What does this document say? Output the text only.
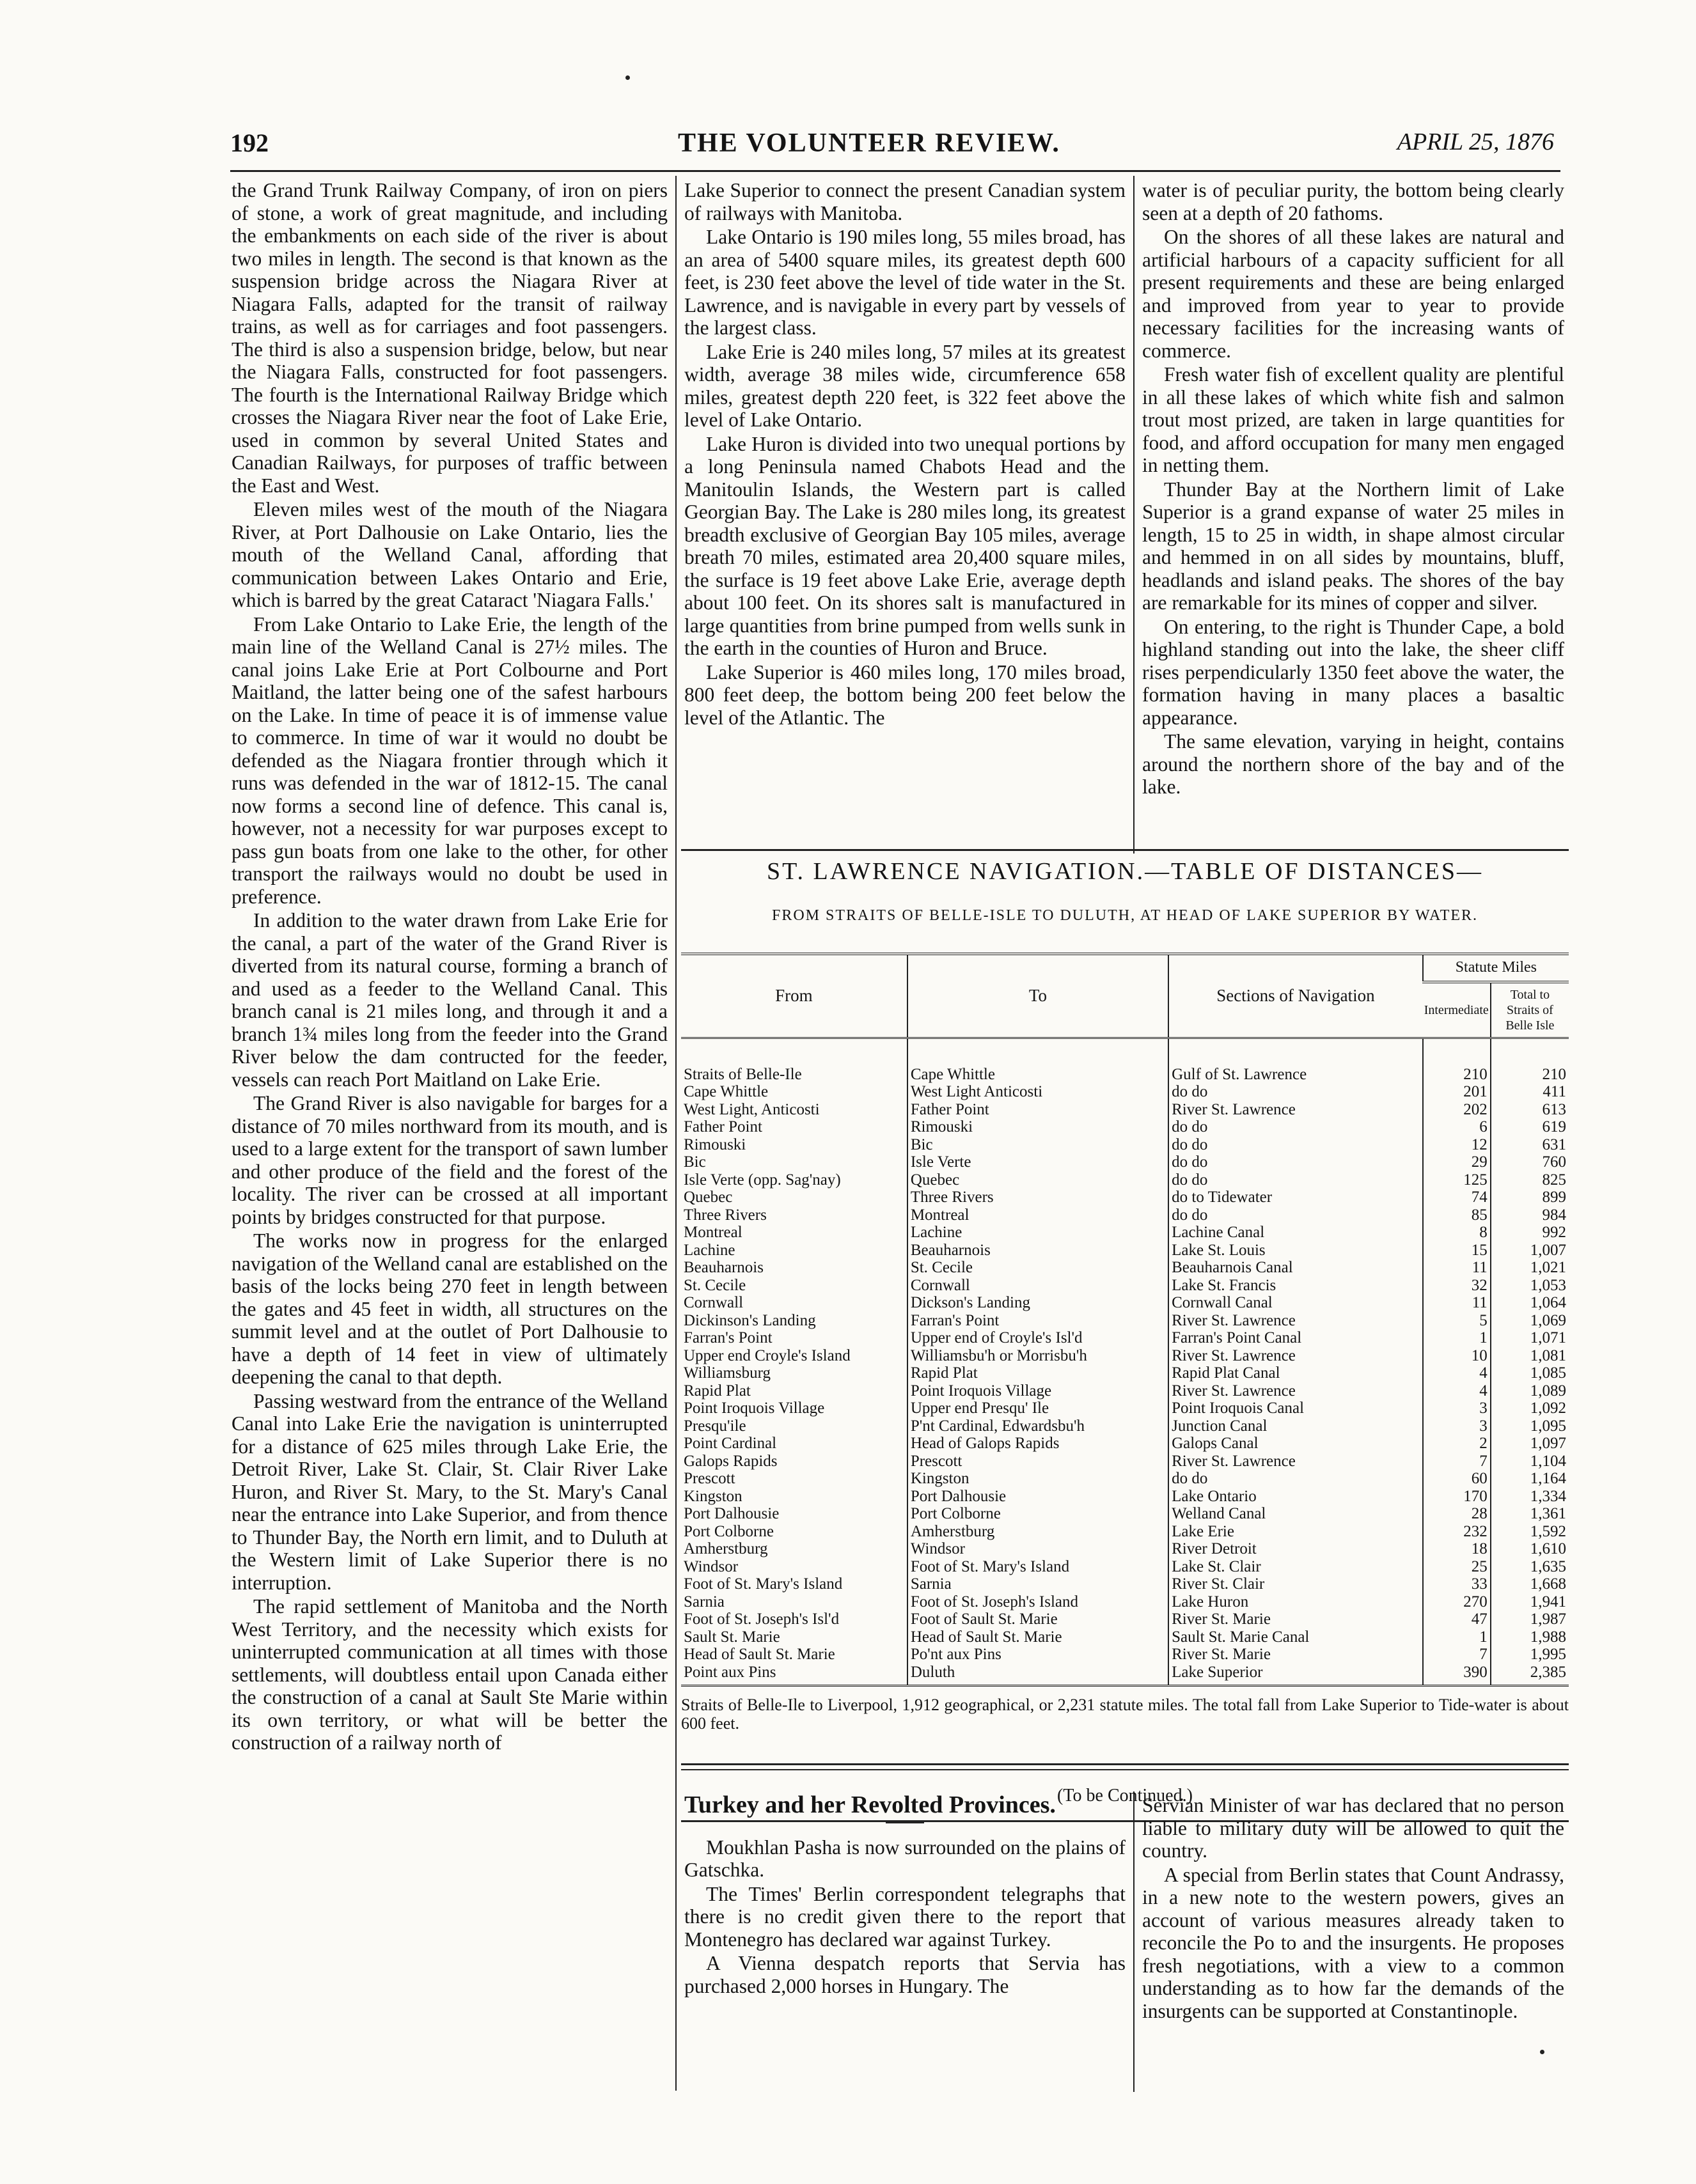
192	THE VOLUNTEER REVIEW.	APRIL 25, 1876

the Grand Trunk Railway Company, of iron on piers of stone, a work of great magnitude, and including the embankments on each side of the river is about two miles in length. The second is that known as the suspension bridge across the Niagara River at Niagara Falls, adapted for the transit of railway trains, as well as for carriages and foot passengers. The third is also a suspension bridge, below, but near the Niagara Falls, constructed for foot passengers. The fourth is the International Railway Bridge which crosses the Niagara River near the foot of Lake Erie, used in common by several United States and Canadian Railways, for purposes of traffic between the East and West.

Eleven miles west of the mouth of the Niagara River, at Port Dalhousie on Lake Ontario, lies the mouth of the Welland Canal, affording that communication between Lakes Ontario and Erie, which is barred by the great Cataract 'Niagara Falls.'

From Lake Ontario to Lake Erie, the length of the main line of the Welland Canal is 27½ miles. The canal joins Lake Erie at Port Colbourne and Port Maitland, the latter being one of the safest harbours on the Lake. In time of peace it is of immense value to commerce. In time of war it would no doubt be defended as the Niagara frontier through which it runs was defended in the war of 1812-15. The canal now forms a second line of defence. This canal is, however, not a necessity for war purposes except to pass gun boats from one lake to the other, for other transport the railways would no doubt be used in preference.

In addition to the water drawn from Lake Erie for the canal, a part of the water of the Grand River is diverted from its natural course, forming a branch of and used as a feeder to the Welland Canal. This branch canal is 21 miles long, and through it and a branch 1¾ miles long from the feeder into the Grand River below the dam contructed for the feeder, vessels can reach Port Maitland on Lake Erie.

The Grand River is also navigable for barges for a distance of 70 miles northward from its mouth, and is used to a large extent for the transport of sawn lumber and other produce of the field and the forest of the locality. The river can be crossed at all important points by bridges constructed for that purpose.

The works now in progress for the enlarged navigation of the Welland canal are established on the basis of the locks being 270 feet in length between the gates and 45 feet in width, all structures on the summit level and at the outlet of Port Dalhousie to have a depth of 14 feet in view of ultimately deepening the canal to that depth.

Passing westward from the entrance of the Welland Canal into Lake Erie the navigation is uninterrupted for a distance of 625 miles through Lake Erie, the Detroit River, Lake St. Clair, St. Clair River Lake Huron, and River St. Mary, to the St. Mary's Canal near the entrance into Lake Superior, and from thence to Thunder Bay, the North ern limit, and to Duluth at the Western limit of Lake Superior there is no interruption.

The rapid settlement of Manitoba and the North West Territory, and the necessity which exists for uninterrupted communication at all times with those settlements, will doubtless entail upon Canada either the construction of a canal at Sault Ste Marie within its own territory, or what will be better the construction of a railway north of

Lake Superior to connect the present Canadian system of railways with Manitoba.

Lake Ontario is 190 miles long, 55 miles broad, has an area of 5400 square miles, its greatest depth 600 feet, is 230 feet above the level of tide water in the St. Lawrence, and is navigable in every part by vessels of the largest class.

Lake Erie is 240 miles long, 57 miles at its greatest width, average 38 miles wide, circumference 658 miles, greatest depth 220 feet, is 322 feet above the level of Lake Ontario.

Lake Huron is divided into two unequal portions by a long Peninsula named Chabots Head and the Manitoulin Islands, the Western part is called Georgian Bay. The Lake is 280 miles long, its greatest breadth exclusive of Georgian Bay 105 miles, average breath 70 miles, estimated area 20,400 square miles, the surface is 19 feet above Lake Erie, average depth about 100 feet. On its shores salt is manufactured in large quantities from brine pumped from wells sunk in the earth in the counties of Huron and Bruce.

Lake Superior is 460 miles long, 170 miles broad, 800 feet deep, the bottom being 200 feet below the level of the Atlantic. The

water is of peculiar purity, the bottom being clearly seen at a depth of 20 fathoms.

On the shores of all these lakes are natural and artificial harbours of a capacity sufficient for all present requirements and these are being enlarged and improved from year to year to provide necessary facilities for the increasing wants of commerce.

Fresh water fish of excellent quality are plentiful in all these lakes of which white fish and salmon trout most prized, are taken in large quantities for food, and afford occupation for many men engaged in netting them.

Thunder Bay at the Northern limit of Lake Superior is a grand expanse of water 25 miles in length, 15 to 25 in width, in shape almost circular and hemmed in on all sides by mountains, bluff, headlands and island peaks. The shores of the bay are remarkable for its mines of copper and silver.

On entering, to the right is Thunder Cape, a bold highland standing out into the lake, the sheer cliff rises perpendicularly 1350 feet above the water, the formation having in many places a basaltic appearance.

The same elevation, varying in height, contains around the northern shore of the bay and of the lake.

ST. LAWRENCE NAVIGATION.—TABLE OF DISTANCES—
FROM STRAITS OF BELLE-ISLE TO DULUTH, AT HEAD OF LAKE SUPERIOR BY WATER.
From	To	Sections of Navigation	Statute Miles	
			Intermediate	Total to Straits of Belle Isle
Straits of Belle-Ile	Cape Whittle	Gulf of St. Lawrence	210	210
Cape Whittle	West Light Anticosti	do do	201	411
West Light, Anticosti	Father Point	River St. Lawrence	202	613
Father Point	Rimouski	do do	6	619
Rimouski	Bic	do do	12	631
Bic	Isle Verte	do do	29	760
Isle Verte (opp. Sag'nay)	Quebec	do do	125	825
Quebec	Three Rivers	do to Tidewater	74	899
Three Rivers	Montreal	do do	85	984
Montreal	Lachine	Lachine Canal	8	992
Lachine	Beauharnois	Lake St. Louis	15	1,007
Beauharnois	St. Cecile	Beauharnois Canal	11	1,021
St. Cecile	Cornwall	Lake St. Francis	32	1,053
Cornwall	Dickson's Landing	Cornwall Canal	11	1,064
Dickinson's Landing	Farran's Point	River St. Lawrence	5	1,069
Farran's Point	Upper end of Croyle's Isl'd	Farran's Point Canal	1	1,071
Upper end Croyle's Island	Williamsbu'h or Morrisbu'h	River St. Lawrence	10	1,081
Williamsburg	Rapid Plat	Rapid Plat Canal	4	1,085
Rapid Plat	Point Iroquois Village	River St. Lawrence	4	1,089
Point Iroquois Village	Upper end Presqu' Ile	Point Iroquois Canal	3	1,092
Presqu'ile	P'nt Cardinal, Edwardsbu'h	Junction Canal	3	1,095
Point Cardinal	Head of Galops Rapids	Galops Canal	2	1,097
Galops Rapids	Prescott	River St. Lawrence	7	1,104
Prescott	Kingston	do do	60	1,164
Kingston	Port Dalhousie	Lake Ontario	170	1,334
Port Dalhousie	Port Colborne	Welland Canal	28	1,361
Port Colborne	Amherstburg	Lake Erie	232	1,592
Amherstburg	Windsor	River Detroit	18	1,610
Windsor	Foot of St. Mary's Island	Lake St. Clair	25	1,635
Foot of St. Mary's Island	Sarnia	River St. Clair	33	1,668
Sarnia	Foot of St. Joseph's Island	Lake Huron	270	1,941
Foot of St. Joseph's Isl'd	Foot of Sault St. Marie	River St. Marie	47	1,987
Sault St. Marie	Head of Sault St. Marie	Sault St. Marie Canal	1	1,988
Head of Sault St. Marie	Po'nt aux Pins	River St. Marie	7	1,995
Point aux Pins	Duluth	Lake Superior	390	2,385
Straits of Belle-Ile to Liverpool, 1,912 geographical, or 2,231 statute miles. The total fall from Lake Superior to Tide-water is about 600 feet.
(To be Continued.)
Turkey and her Revolted Provinces.

Moukhlan Pasha is now surrounded on the plains of Gatschka.

The Times' Berlin correspondent telegraphs that there is no credit given there to the report that Montenegro has declared war against Turkey.

A Vienna despatch reports that Servia has purchased 2,000 horses in Hungary. The

Servian Minister of war has declared that no person liable to military duty will be allowed to quit the country.

A special from Berlin states that Count Andrassy, in a new note to the western powers, gives an account of various measures already taken to reconcile the Po to and the insurgents. He proposes fresh negotiations, with a view to a common understanding as to how far the demands of the insurgents can be supported at Constantinople.
